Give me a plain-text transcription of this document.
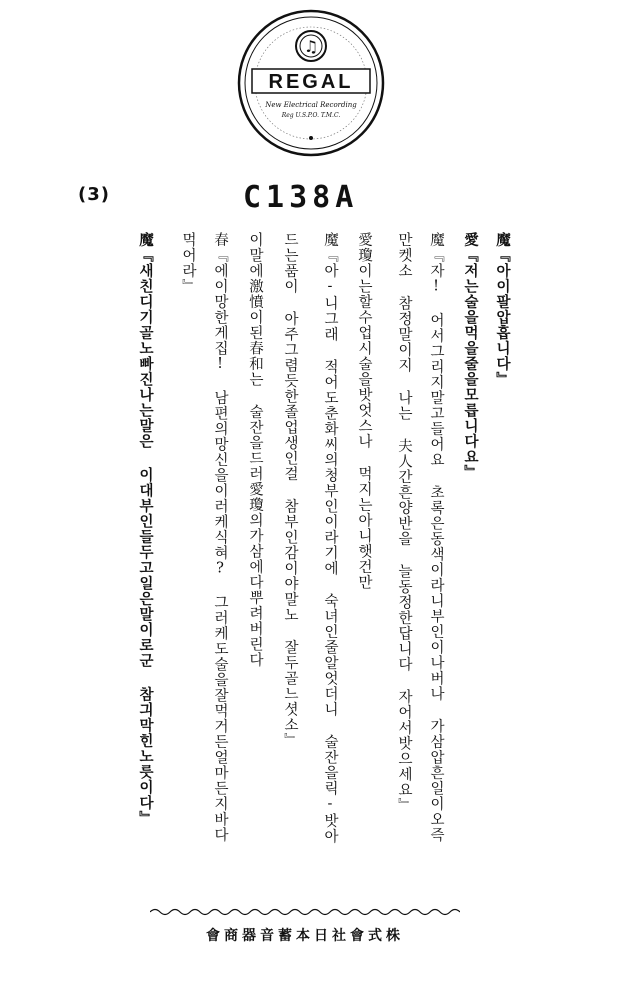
♫
REGAL
New Electrical Recording
Reg U.S.P.O. T.M.C.
(3)	C138A
魔『아이팔압흡니다』
愛『저는술을먹을줄을모릅니다요』
魔『자! 어서그리지말고들어요 초록은동색이라니부인이나버나 가삼압흔일이오즉
만켓소 참정말이지 나는 夫人간흔양반을 늘동정한답니다 자어서밧으세요』
愛瓊이는할수업시술을밧엇스나 먹지는아니햇건만
魔『아-니그래 적어도춘화씨의청부인이라기에 숙녀인줄알엇더니 술잔을릭-밧아
드는품이 아주그렴듯한졸업생인걸 참부인감이야말노 잘두골느셧소』
이말에激憤이된春和는 술잔을드러愛瓊의가삼에다뿌려버린다
春『에이망한게집! 남편의망신을이러케식혀? 그러케도술을잘먹거든얼마든지바다
먹어라』
魔『새친디기골노빠진나는말은 이대부인들두고일은말이로군 참긔막힌노릇이다』
會商器音蓄本日社會式株
